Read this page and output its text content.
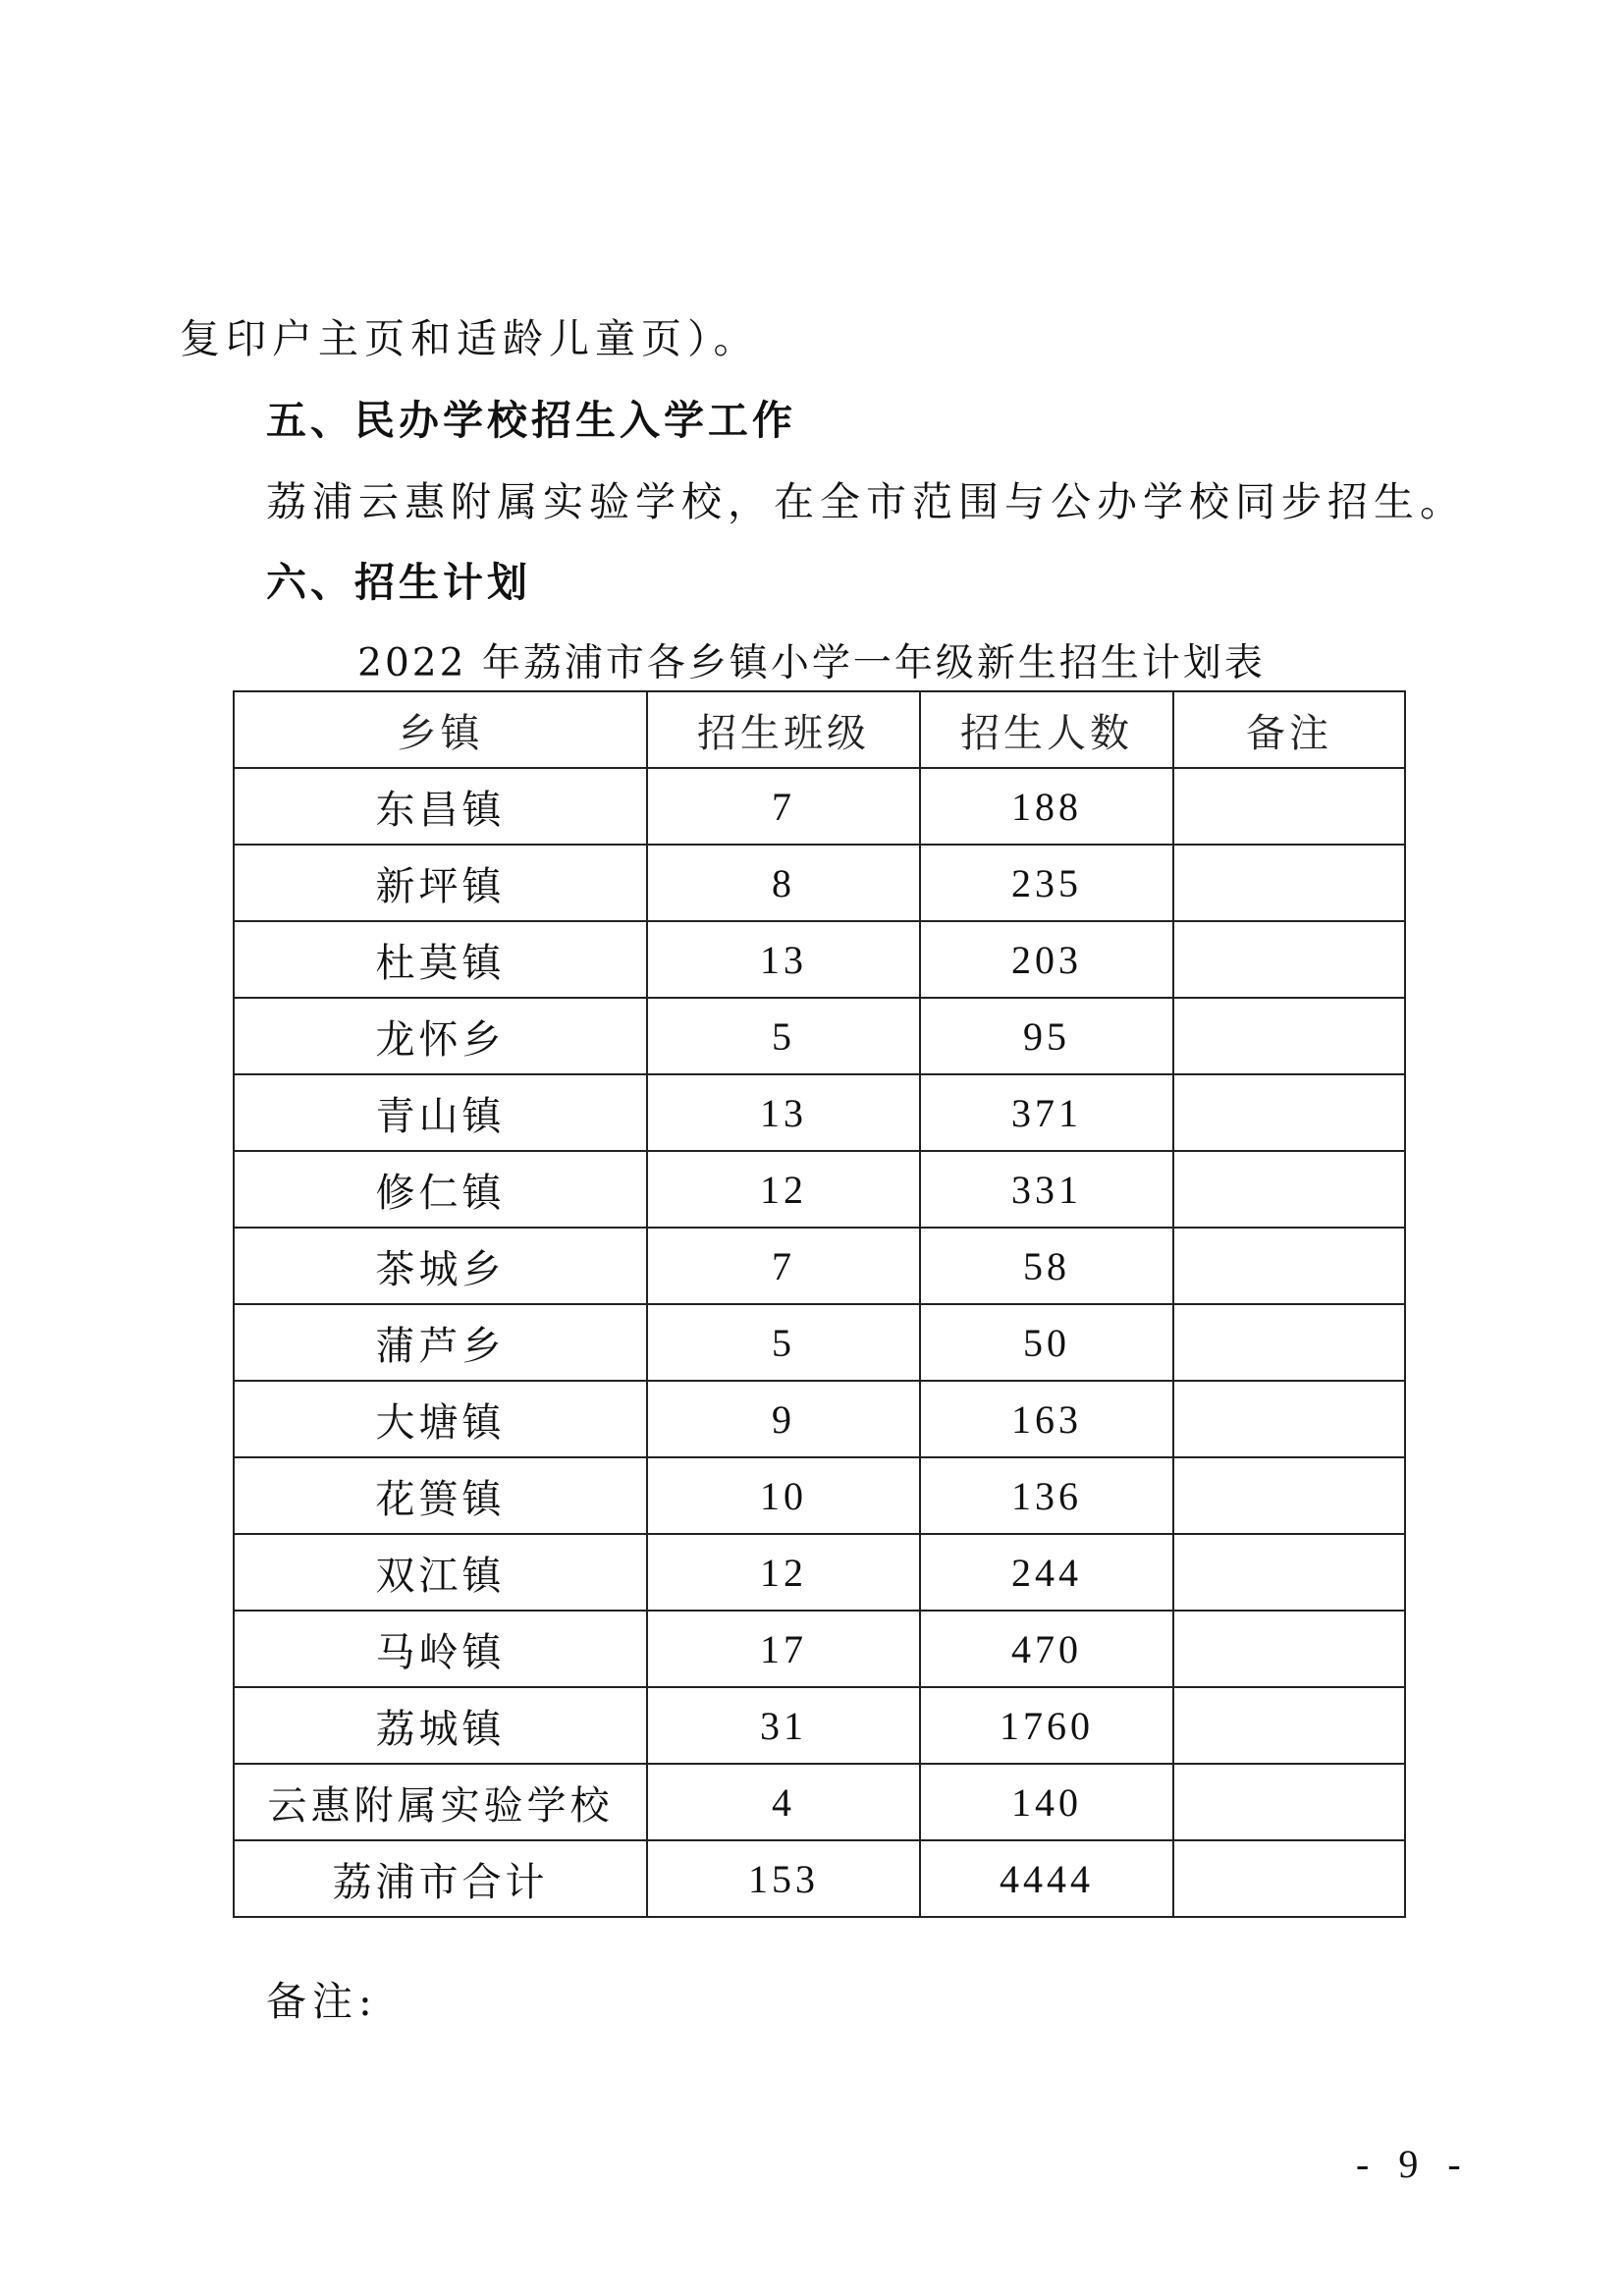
复印户主页和适龄儿童页）。

五、民办学校招生入学工作

荔浦云惠附属实验学校，在全市范围与公办学校同步招生。

六、招生计划

2022 年荔浦市各乡镇小学一年级新生招生计划表

乡镇	招生班级	招生人数	备注
东昌镇	7	188	
新坪镇	8	235	
杜莫镇	13	203	
龙怀乡	5	95	
青山镇	13	371	
修仁镇	12	331	
茶城乡	7	58	
蒲芦乡	5	50	
大塘镇	9	163	
花篑镇	10	136	
双江镇	12	244	
马岭镇	17	470	
荔城镇	31	1760	
云惠附属实验学校	4	140	
荔浦市合计	153	4444	

备注:

- 9 -
